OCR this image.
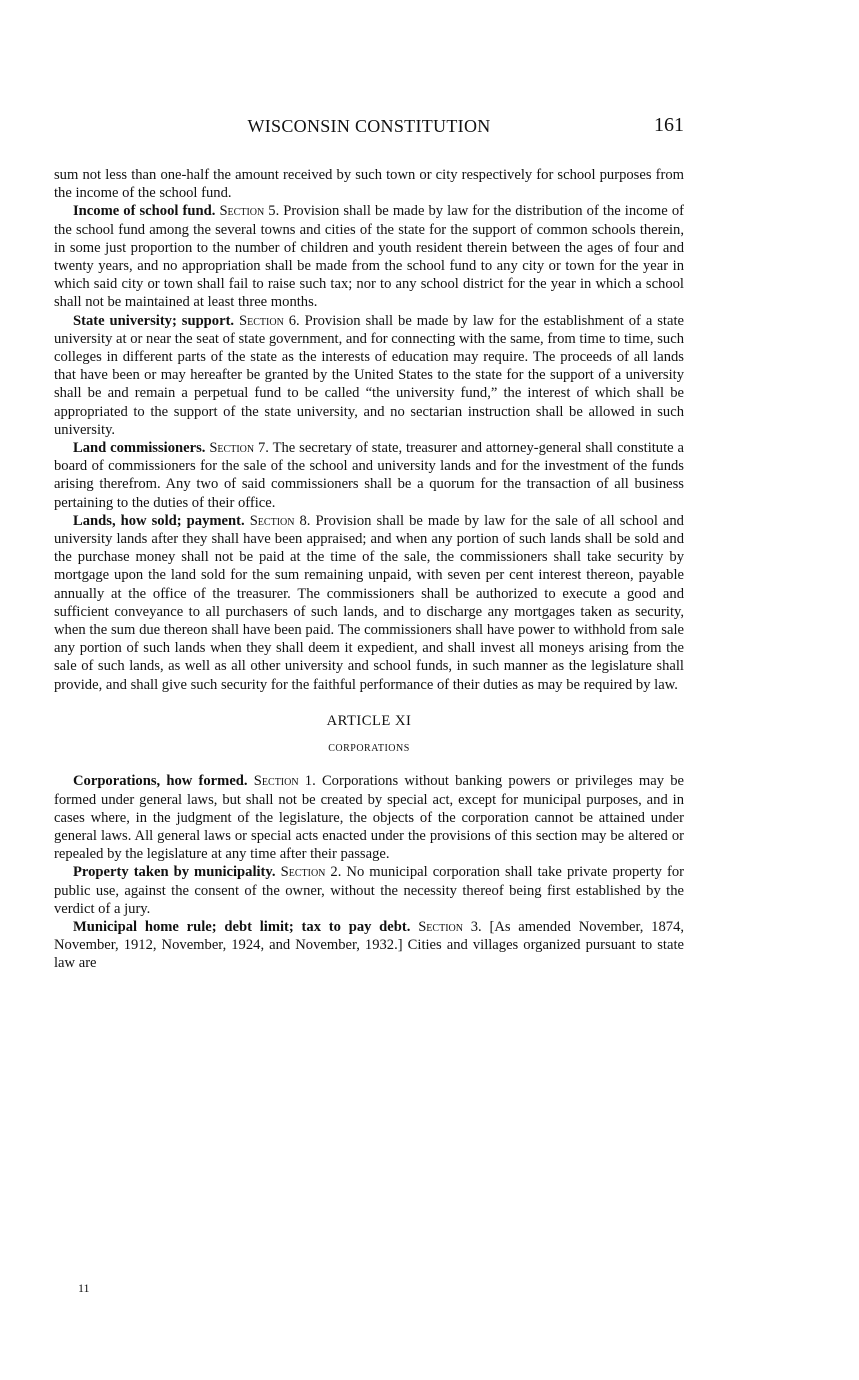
WISCONSIN CONSTITUTION	161

sum not less than one-half the amount received by such town or city respectively for school purposes from the income of the school fund.

Income of school fund. Section 5. Provision shall be made by law for the distribution of the income of the school fund among the several towns and cities of the state for the support of common schools therein, in some just proportion to the number of children and youth resident therein between the ages of four and twenty years, and no appropriation shall be made from the school fund to any city or town for the year in which said city or town shall fail to raise such tax; nor to any school district for the year in which a school shall not be maintained at least three months.

State university; support. Section 6. Provision shall be made by law for the establishment of a state university at or near the seat of state government, and for connecting with the same, from time to time, such colleges in different parts of the state as the interests of education may require. The proceeds of all lands that have been or may hereafter be granted by the United States to the state for the support of a university shall be and remain a perpetual fund to be called “the university fund,” the interest of which shall be appropriated to the support of the state university, and no sectarian instruction shall be allowed in such university.

Land commissioners. Section 7. The secretary of state, treasurer and attorney-general shall constitute a board of commissioners for the sale of the school and university lands and for the investment of the funds arising therefrom. Any two of said commissioners shall be a quorum for the transaction of all business pertaining to the duties of their office.

Lands, how sold; payment. Section 8. Provision shall be made by law for the sale of all school and university lands after they shall have been appraised; and when any portion of such lands shall be sold and the purchase money shall not be paid at the time of the sale, the commissioners shall take security by mortgage upon the land sold for the sum remaining unpaid, with seven per cent interest thereon, payable annually at the office of the treasurer. The commissioners shall be authorized to execute a good and sufficient conveyance to all purchasers of such lands, and to discharge any mortgages taken as security, when the sum due thereon shall have been paid. The commissioners shall have power to withhold from sale any portion of such lands when they shall deem it expedient, and shall invest all moneys arising from the sale of such lands, as well as all other university and school funds, in such manner as the legislature shall provide, and shall give such security for the faithful performance of their duties as may be required by law.

ARTICLE XI
CORPORATIONS

Corporations, how formed. Section 1. Corporations without banking powers or privileges may be formed under general laws, but shall not be created by special act, except for municipal purposes, and in cases where, in the judgment of the legislature, the objects of the corporation cannot be attained under general laws. All general laws or special acts enacted under the provisions of this section may be altered or repealed by the legislature at any time after their passage.

Property taken by municipality. Section 2. No municipal corporation shall take private property for public use, against the consent of the owner, without the necessity thereof being first established by the verdict of a jury.

Municipal home rule; debt limit; tax to pay debt. Section 3. [As amended November, 1874, November, 1912, November, 1924, and November, 1932.] Cities and villages organized pursuant to state law are

11
